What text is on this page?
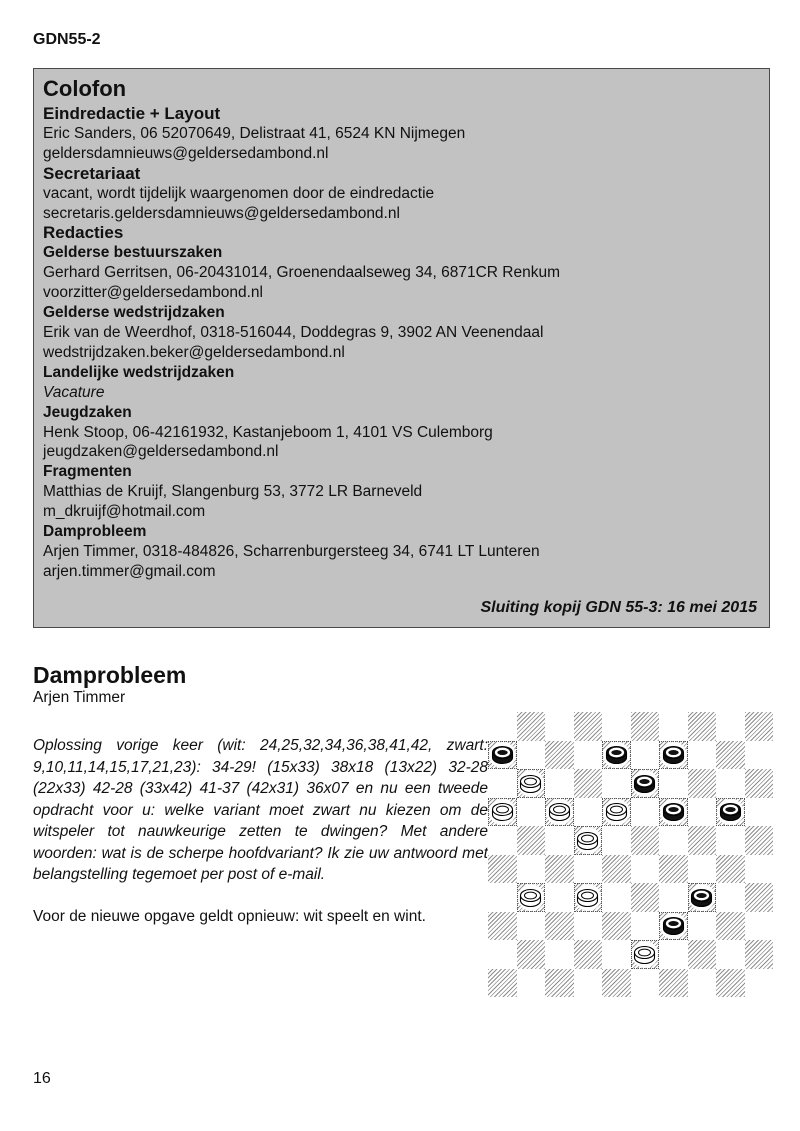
GDN55-2
Colofon
Eindredactie + Layout
Eric Sanders, 06 52070649, Delistraat 41, 6524 KN Nijmegen
geldersdamnieuws@geldersedambond.nl
Secretariaat
vacant, wordt tijdelijk waargenomen door de eindredactie
secretaris.geldersdamnieuws@geldersedambond.nl
Redacties
Gelderse bestuurszaken
Gerhard Gerritsen, 06-20431014, Groenendaalseweg 34, 6871CR Renkum
voorzitter@geldersedambond.nl
Gelderse wedstrijdzaken
Erik van de Weerdhof, 0318-516044, Doddegras 9, 3902 AN Veenendaal
wedstrijdzaken.beker@geldersedambond.nl
Landelijke wedstrijdzaken
Vacature
Jeugdzaken
Henk Stoop, 06-42161932, Kastanjeboom 1, 4101 VS Culemborg
jeugdzaken@geldersedambond.nl
Fragmenten
Matthias de Kruijf, Slangenburg 53, 3772 LR Barneveld
m_dkruijf@hotmail.com
Damprobleem
Arjen Timmer, 0318-484826, Scharrenburgersteeg 34, 6741 LT Lunteren
arjen.timmer@gmail.com
Sluiting kopij GDN 55-3: 16 mei 2015
Damprobleem
Arjen Timmer

Oplossing vorige keer (wit: 24,25,32,34,36,38,41,42, zwart: 9,10,11,14,15,17,21,23): 34-29! (15x33) 38x18 (13x22) 32-28 (22x33) 42-28 (33x42) 41-37 (42x31) 36x07 en nu een tweede opdracht voor u: welke variant moet zwart nu kiezen om de witspeler tot nauwkeurige zetten te dwingen? Met andere woorden: wat is de scherpe hoofdvariant? Ik zie uw antwoord met belangstelling tegemoet per post of e-mail.

Voor de nieuwe opgave geldt opnieuw: wit speelt en wint.

16
